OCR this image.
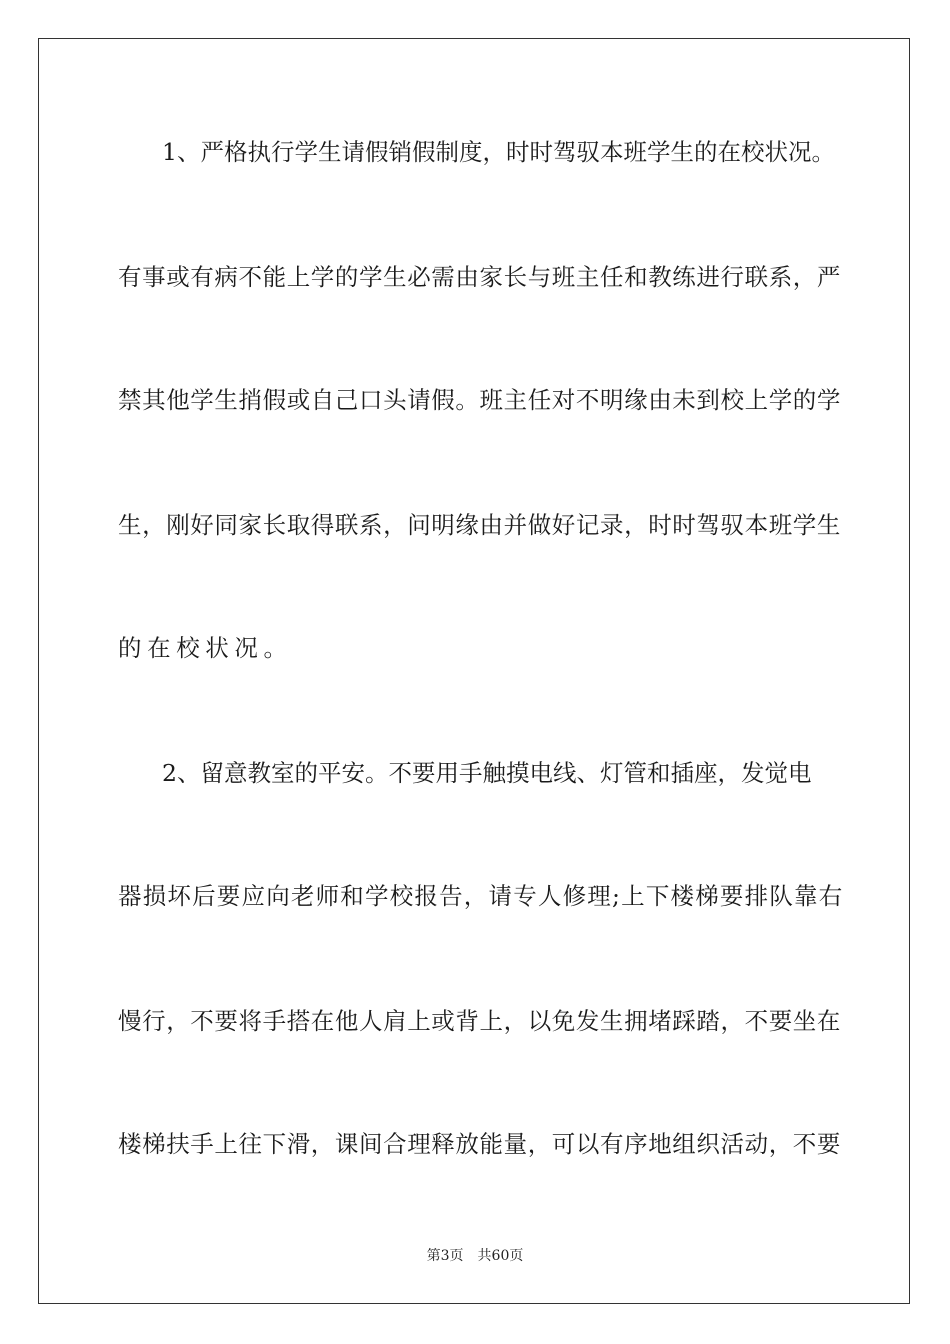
1、严格执行学生请假销假制度，时时驾驭本班学生的在校状况。
有事或有病不能上学的学生必需由家长与班主任和教练进行联系，严
禁其他学生捎假或自己口头请假。班主任对不明缘由未到校上学的学
生，刚好同家长取得联系，问明缘由并做好记录，时时驾驭本班学生
的在校状况。
2、留意教室的平安。不要用手触摸电线、灯管和插座，发觉电
器损坏后要应向老师和学校报告，请专人修理;上下楼梯要排队靠右
慢行，不要将手搭在他人肩上或背上，以免发生拥堵踩踏，不要坐在
楼梯扶手上往下滑，课间合理释放能量，可以有序地组织活动，不要
第3页 共60页
